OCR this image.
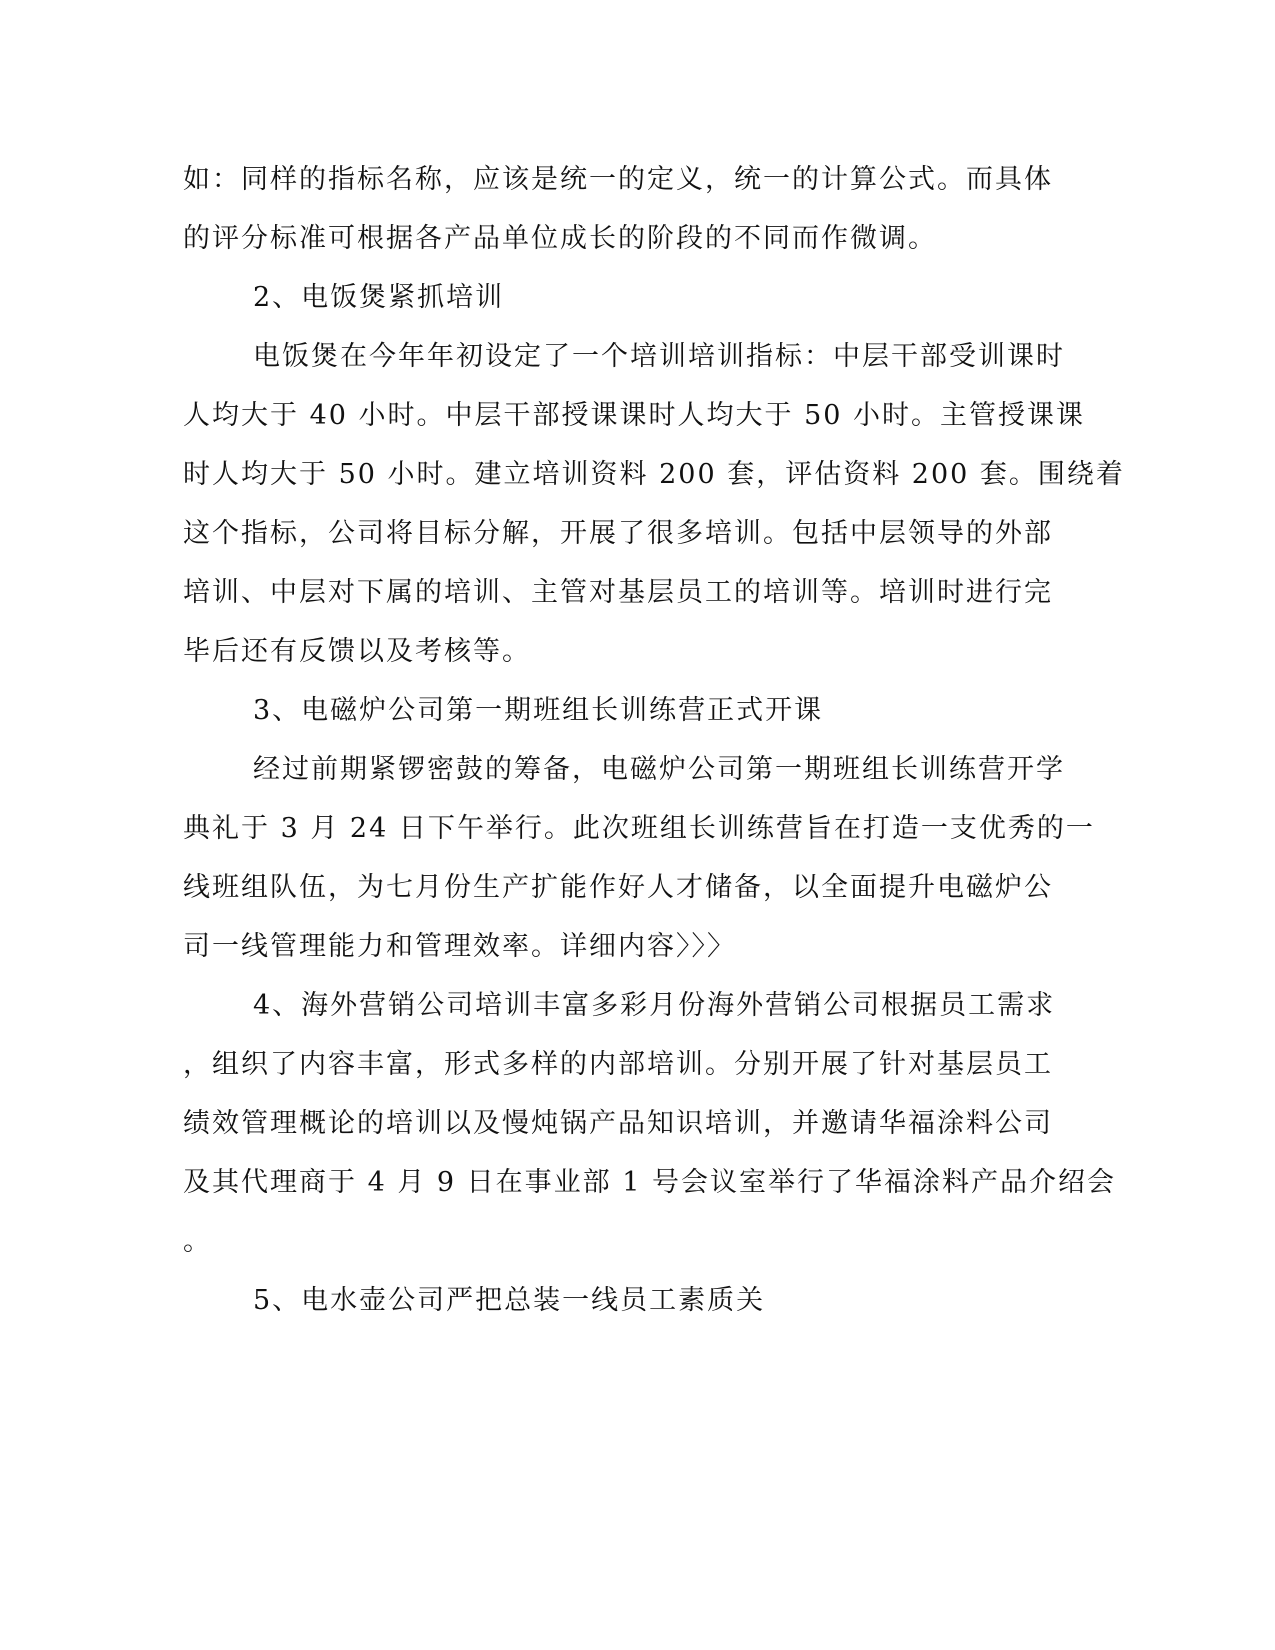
如：同样的指标名称，应该是统一的定义，统一的计算公式。而具体
的评分标准可根据各产品单位成长的阶段的不同而作微调。
2、电饭煲紧抓培训
电饭煲在今年年初设定了一个培训培训指标：中层干部受训课时
人均大于 40 小时。中层干部授课课时人均大于 50 小时。主管授课课
时人均大于 50 小时。建立培训资料 200 套，评估资料 200 套。围绕着
这个指标，公司将目标分解，开展了很多培训。包括中层领导的外部
培训、中层对下属的培训、主管对基层员工的培训等。培训时进行完
毕后还有反馈以及考核等。
3、电磁炉公司第一期班组长训练营正式开课
经过前期紧锣密鼓的筹备，电磁炉公司第一期班组长训练营开学
典礼于 3 月 24 日下午举行。此次班组长训练营旨在打造一支优秀的一
线班组队伍，为七月份生产扩能作好人才储备，以全面提升电磁炉公
司一线管理能力和管理效率。详细内容〉〉〉
4、海外营销公司培训丰富多彩月份海外营销公司根据员工需求
，组织了内容丰富，形式多样的内部培训。分别开展了针对基层员工
绩效管理概论的培训以及慢炖锅产品知识培训，并邀请华福涂料公司
及其代理商于 4 月 9 日在事业部 1 号会议室举行了华福涂料产品介绍会
。
5、电水壶公司严把总装一线员工素质关
